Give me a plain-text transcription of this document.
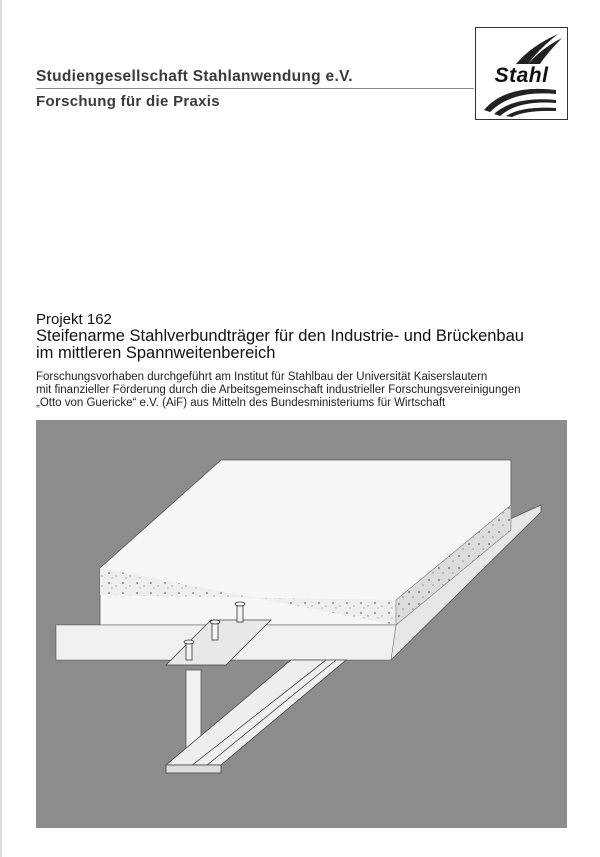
Studiengesellschaft Stahlanwendung e.V.
Forschung für die Praxis
Stahl
Projekt 162
Steifenarme Stahlverbundträger für den Industrie- und Brückenbau
im mittleren Spannweitenbereich
Forschungsvorhaben durchgeführt am Institut für Stahlbau der Universität Kaiserslautern
mit finanzieller Förderung durch die Arbeitsgemeinschaft industrieller Forschungsvereinigungen
„Otto von Guericke“ e.V. (AiF) aus Mitteln des Bundesministeriums für Wirtschaft
